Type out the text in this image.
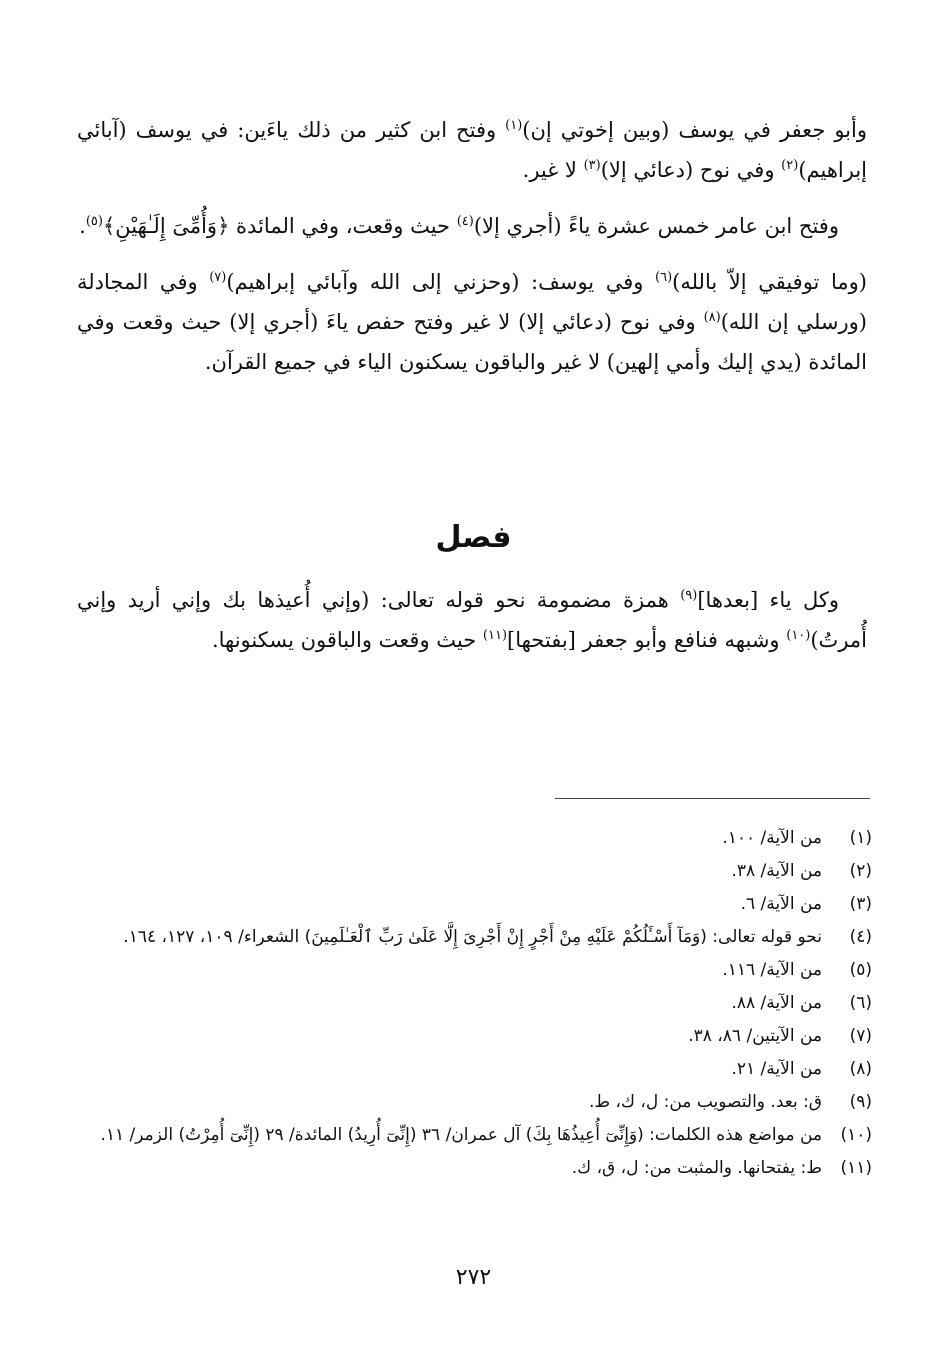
وأبو جعفر في يوسف (وبين إخوتي إن)$^{(١)}$ وفتح ابن كثير من ذلك ياءَين: في يوسف (آبائي إبراهيم)$^{(٢)}$ وفي نوح (دعائي إلا)$^{(٣)}$ لا غير.

وفتح ابن عامر خمس عشرة ياءً (أجري إلا)$^{(٤)}$ حيث وقعت، وفي المائدة ﴿وَأُمِّىَ إِلَـٰهَيْنِ﴾$^{(٥)}$.

(وما توفيقي إلاّ بالله)$^{(٦)}$ وفي يوسف: (وحزني إلى الله وآبائي إبراهيم)$^{(٧)}$ وفي المجادلة (ورسلي إن الله)$^{(٨)}$ وفي نوح (دعائي إلا) لا غير وفتح حفص ياءَ (أجري إلا) حيث وقعت وفي المائدة (يدي إليك وأمي إلهين) لا غير والباقون يسكنون الياء في جميع القرآن.

فصل

وكل ياء [بعدها]$^{(٩)}$ همزة مضمومة نحو قوله تعالى: (وإني أُعيذها بك وإني أريد وإني أُمرتُ)$^{(١٠)}$ وشبهه فنافع وأبو جعفر [بفتحها]$^{(١١)}$ حيث وقعت والباقون يسكنونها.

(١)
من الآية/ ١٠٠.
(٢)
من الآية/ ٣٨.
(٣)
من الآية/ ٦.
(٤)
نحو قوله تعالى: (وَمَآ أَسْـَٔلُكُمْ عَلَيْهِ مِنْ أَجْرٍ إِنْ أَجْرِىَ إِلَّا عَلَىٰ رَبِّ ٱلْعَـٰلَمِينَ) الشعراء/ ١٠٩، ١٢٧، ١٦٤.
(٥)
من الآية/ ١١٦.
(٦)
من الآية/ ٨٨.
(٧)
من الآيتين/ ٨٦، ٣٨.
(٨)
من الآية/ ٢١.
(٩)
ق: بعد. والتصويب من: ل، ك، ط.
(١٠)
من مواضع هذه الكلمات: (وَإِنِّىٓ أُعِيذُهَا بِكَ) آل عمران/ ٣٦ (إِنِّىٓ أُرِيدُ) المائدة/ ٢٩ (إِنِّىٓ أُمِرْتُ) الزمر/ ١١.
(١١)
ط: يفتحانها. والمثبت من: ل، ق، ك.
٢٧٢
